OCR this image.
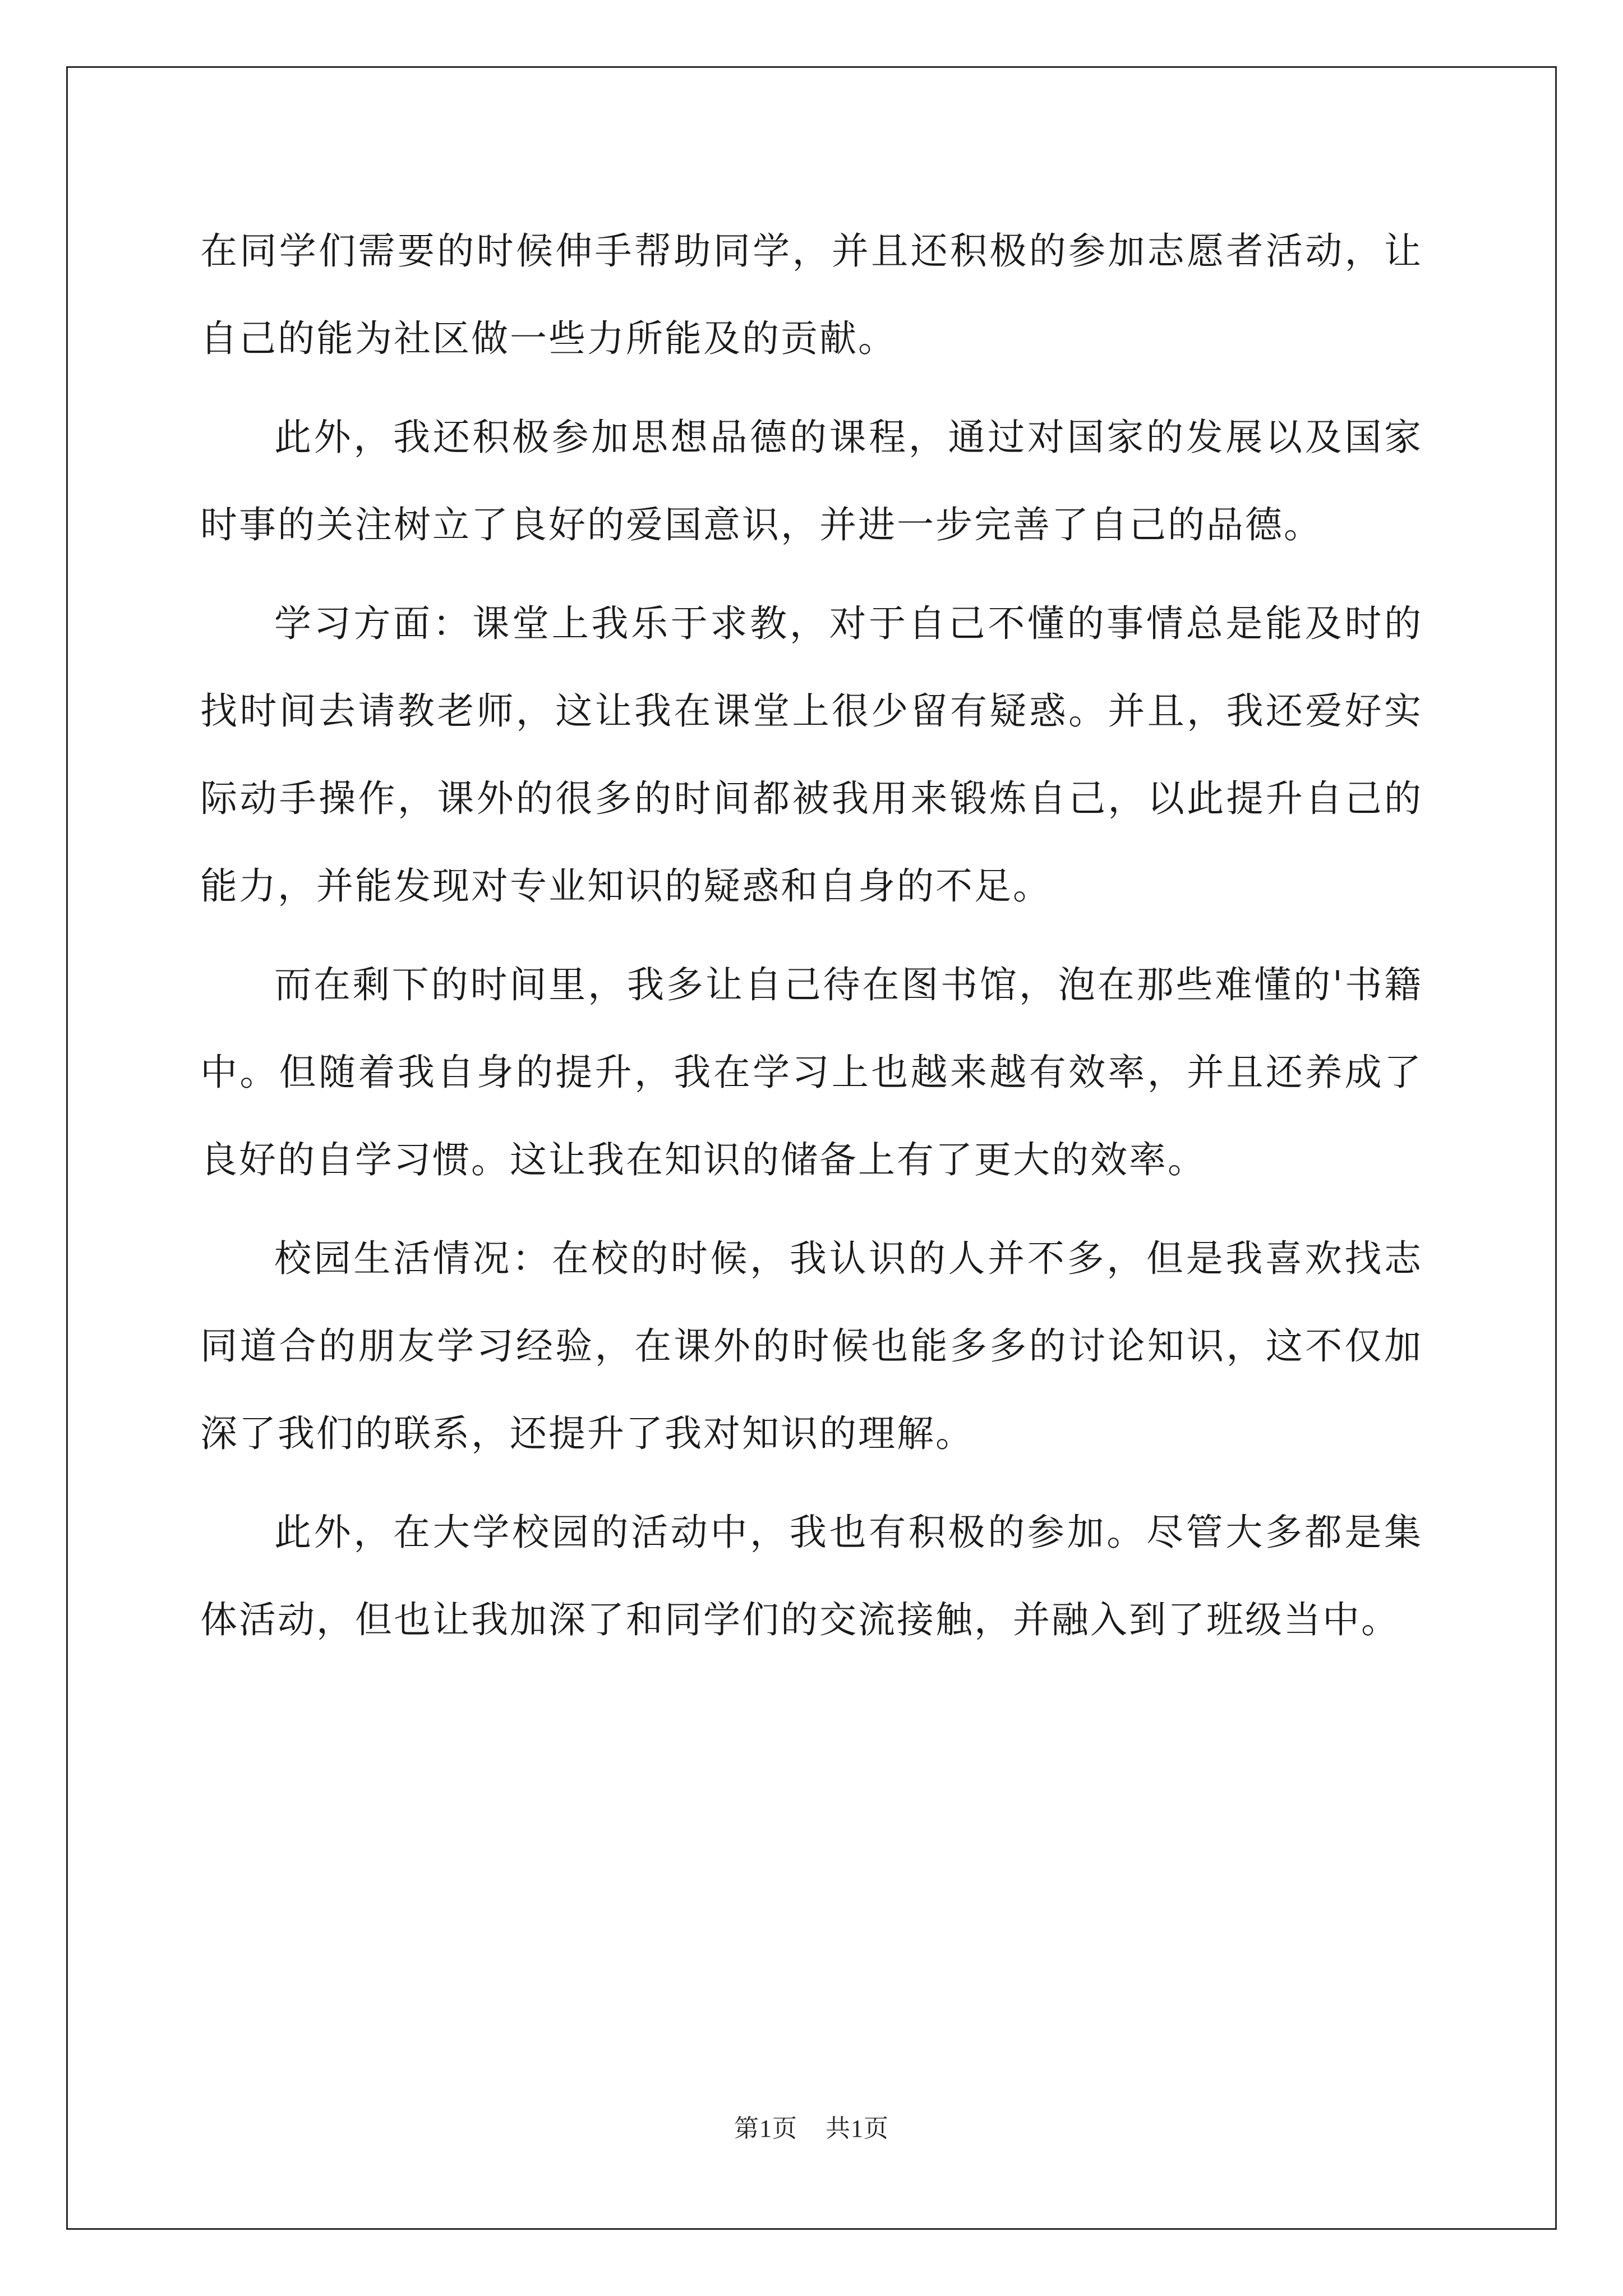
在同学们需要的时候伸手帮助同学，并且还积极的参加志愿者活动，让自己的能为社区做一些力所能及的贡献。

此外，我还积极参加思想品德的课程，通过对国家的发展以及国家时事的关注树立了良好的爱国意识，并进一步完善了自己的品德。

学习方面：课堂上我乐于求教，对于自己不懂的事情总是能及时的找时间去请教老师，这让我在课堂上很少留有疑惑。并且，我还爱好实际动手操作，课外的很多的时间都被我用来锻炼自己，以此提升自己的能力，并能发现对专业知识的疑惑和自身的不足。

而在剩下的时间里，我多让自己待在图书馆，泡在那些难懂的'书籍中。但随着我自身的提升，我在学习上也越来越有效率，并且还养成了良好的自学习惯。这让我在知识的储备上有了更大的效率。

校园生活情况：在校的时候，我认识的人并不多，但是我喜欢找志同道合的朋友学习经验，在课外的时候也能多多的讨论知识，这不仅加深了我们的联系，还提升了我对知识的理解。

此外，在大学校园的活动中，我也有积极的参加。尽管大多都是集体活动，但也让我加深了和同学们的交流接触，并融入到了班级当中。

第1页 共1页
